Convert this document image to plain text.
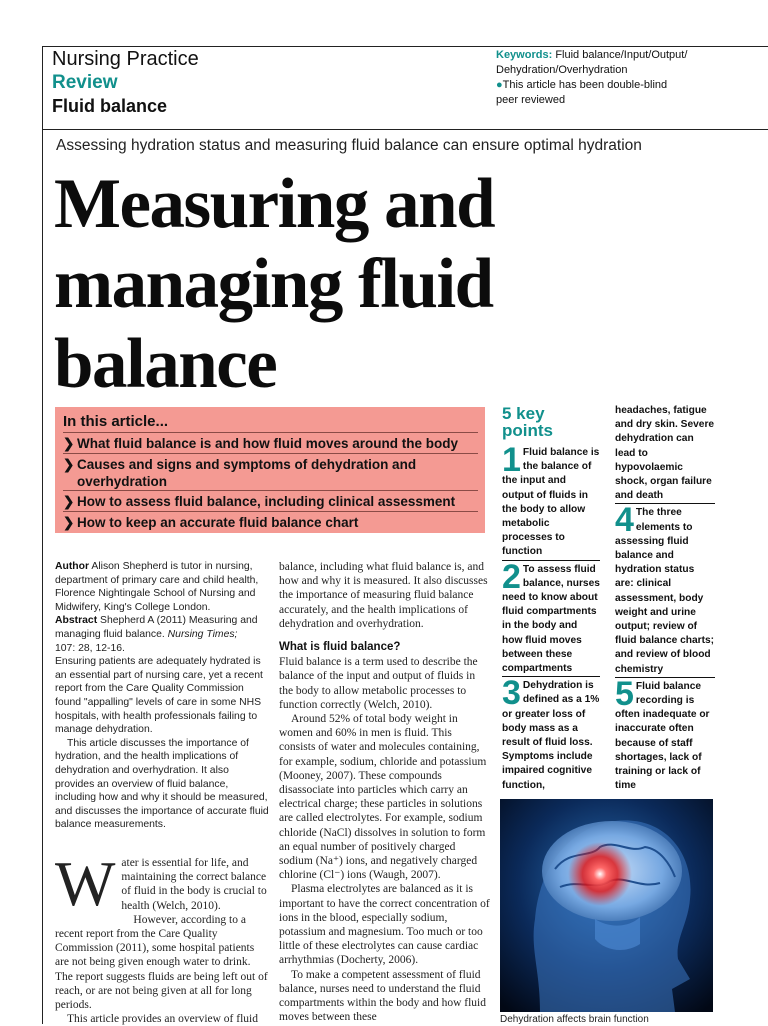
Nursing Practice
Review
Fluid balance
Keywords: Fluid balance/Input/Output/
Dehydration/Overhydration
●This article has been double-blind
peer reviewed
Assessing hydration status and measuring fluid balance can ensure optimal hydration
Measuring and
managing fluid
balance
In this article...
❯ What fluid balance is and how fluid moves around the body
❯ Causes and signs and symptoms of dehydration and overhydration
❯ How to assess fluid balance, including clinical assessment
❯ How to keep an accurate fluid balance chart

Author Alison Shepherd is tutor in nursing, department of primary care and child health, Florence Nightingale School of Nursing and Midwifery, King's College London.

Abstract Shepherd A (2011) Measuring and managing fluid balance. Nursing Times;

107: 28, 12-16.

Ensuring patients are adequately hydrated is an essential part of nursing care, yet a recent report from the Care Quality Commission found "appalling" levels of care in some NHS hospitals, with health professionals failing to manage dehydration.

This article discusses the importance of hydration, and the health implications of dehydration and overhydration. It also provides an overview of fluid balance, including how and why it should be measured, and discusses the importance of accurate fluid balance measurements.

Water is essential for life, and maintaining the correct balance of fluid in the body is crucial to health (Welch, 2010).

However, according to a recent report from the Care Quality Commission (2011), some hospital patients are not being given enough water to drink. The report suggests fluids are being left out of reach, or are not being given at all for long periods.

This article provides an overview of fluid

balance, including what fluid balance is, and how and why it is measured. It also discusses the importance of measuring fluid balance accurately, and the health implications of dehydration and overhydration.

What is fluid balance?

Fluid balance is a term used to describe the balance of the input and output of fluids in the body to allow metabolic processes to function correctly (Welch, 2010).

Around 52% of total body weight in women and 60% in men is fluid. This consists of water and molecules containing, for example, sodium, chloride and potassium (Mooney, 2007). These compounds disassociate into particles which carry an electrical charge; these particles in solutions are called electrolytes. For example, sodium chloride (NaCl) dissolves in solution to form an equal number of positively charged sodium (Na⁺) ions, and negatively charged chlorine (Cl⁻) ions (Waugh, 2007).

Plasma electrolytes are balanced as it is important to have the correct concentration of ions in the blood, especially sodium, potassium and magnesium. Too much or too little of these electrolytes can cause cardiac arrhythmias (Docherty, 2006).

To make a competent assessment of fluid balance, nurses need to understand the fluid compartments within the body and how fluid moves between these

5 key
points
1 Fluid balance is the balance of the input and output of fluids in the body to allow metabolic processes to function
2 To assess fluid balance, nurses need to know about fluid compartments in the body and how fluid moves between these compartments
3 Dehydration is defined as a 1% or greater loss of body mass as a result of fluid loss. Symptoms include impaired cognitive function,
headaches, fatigue and dry skin. Severe dehydration can lead to hypovolaemic shock, organ failure and death
4 The three elements to assessing fluid balance and hydration status are: clinical assessment, body weight and urine output; review of fluid balance charts; and review of blood chemistry
5 Fluid balance recording is often inadequate or inaccurate often because of staff shortages, lack of training or lack of time
Dehydration affects brain function
